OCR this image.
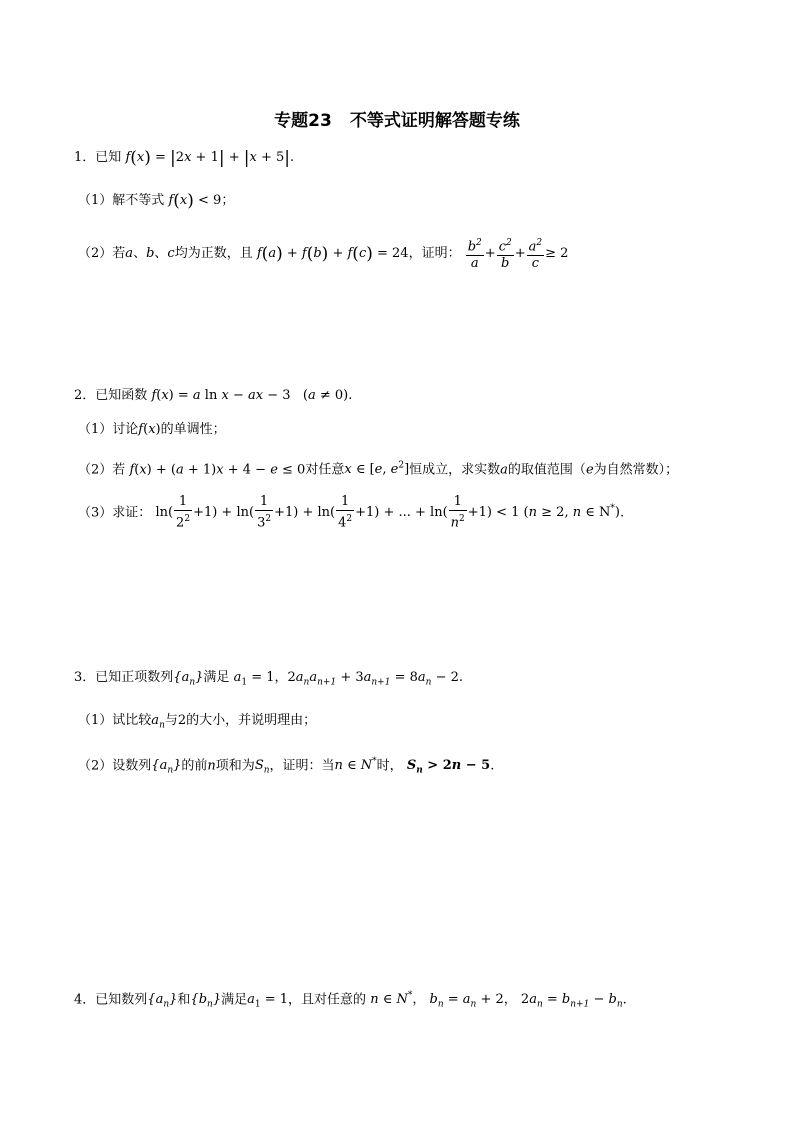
专题23 不等式证明解答题专练
1．已知 f(x) = |2x + 1| + |x + 5|.
（1）解不等式 f(x) < 9；
（2）若a、b、c均为正数，且 f(a) + f(b) + f(c) = 24，证明： $\frac{b^2}{a} + \frac{c^2}{b} + \frac{a^2}{c} \ge 2$
2．已知函数 f(x) = a ln x − ax − 3   (a ≠ 0).
（1）讨论f(x)的单调性；
（2）若 f(x) + (a + 1)x + 4 − e ≤ 0对任意x ∈ [e, $e^2$]恒成立，求实数a的取值范围（e为自然常数）；
（3）求证： $\ln( \frac{1}{2^2} +1) + \ln( \frac{1}{3^2} +1) + \ln( \frac{1}{4^2} +1)$ + ... + $\ln( \frac{1}{n^2} +1) < 1$ (n ≥ 2, n ∈ N*).
3．已知正项数列$\{a_n\}$满足 $a_1 = 1$，$2a_na_{n+1} + 3a_{n+1} = 8a_n - 2$.
（1）试比较$a_n$与2的大小，并说明理由；
（2）设数列$\{a_n\}$的前n项和为$S_n$，证明：当n ∈ N*时， $S_n > 2n - 5$.
4．已知数列$\{a_n\}$和$\{b_n\}$满足$a_1 = 1$，且对任意的 n ∈ N*， $b_n = a_n + 2$， $2a_n = b_{n+1} - b_n$.
